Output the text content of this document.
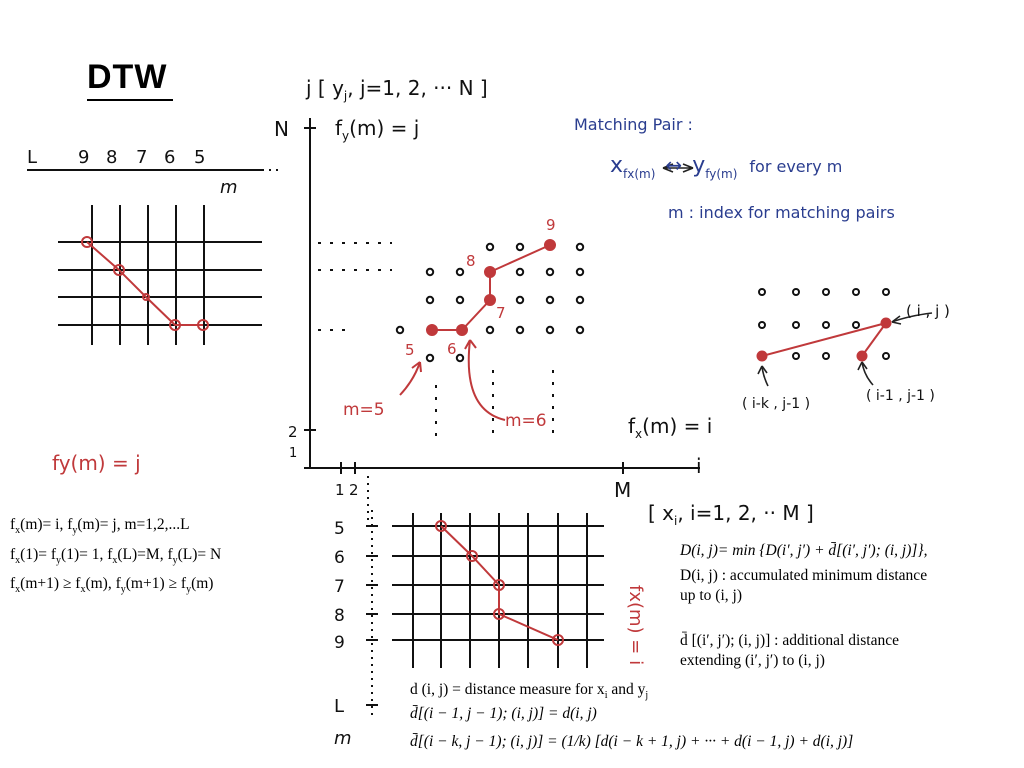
DTW	j [ $y_j$, j=1, 2, ··· N ]
N $f_y(m) = j$
2
1
1 2	M
i
$f_x(m) = i$
[ $x_i$, i=1, 2, ·· M ]
L 9 8 7 6 5
m
5
6
7
8
9
L
m
Matching Pair :
$x_{fx(m)}$ ↔ $y_{fy(m)}$ $^{for every m}$
m : index for matching pairs
( i , j )
( i-k , j-1 )	( i-1 , j-1 )
fy(m) = j
m=5
m=6
5 6
7
8
9
fx(m) = i
$f_x(m)= i$, $f_y(m)= j$, m=1,2,...L
$f_x(1)= f_y(1)= 1$, $f_x(L)=M$, $f_y(L)= N$
$f_x(m+1) \ge f_x(m)$, $f_y(m+1) \ge f_y(m)$
D(i, j)= min {D(i′, j′) + d̄[(i′, j′); (i, j)]},
D(i, j) : accumulated minimum distance
up to (i, j)
d̄ [(i′, j′); (i, j)] : additional distance
extending (i′, j′) to (i, j)
d (i, j) = distance measure for $x_i$ and $y_j$
d̄[(i − 1, j − 1); (i, j)] = d(i, j)
d̄[(i − k, j − 1); (i, j)] = (1/k) [d(i − k + 1, j) + ··· + d(i − 1, j) + d(i, j)]
